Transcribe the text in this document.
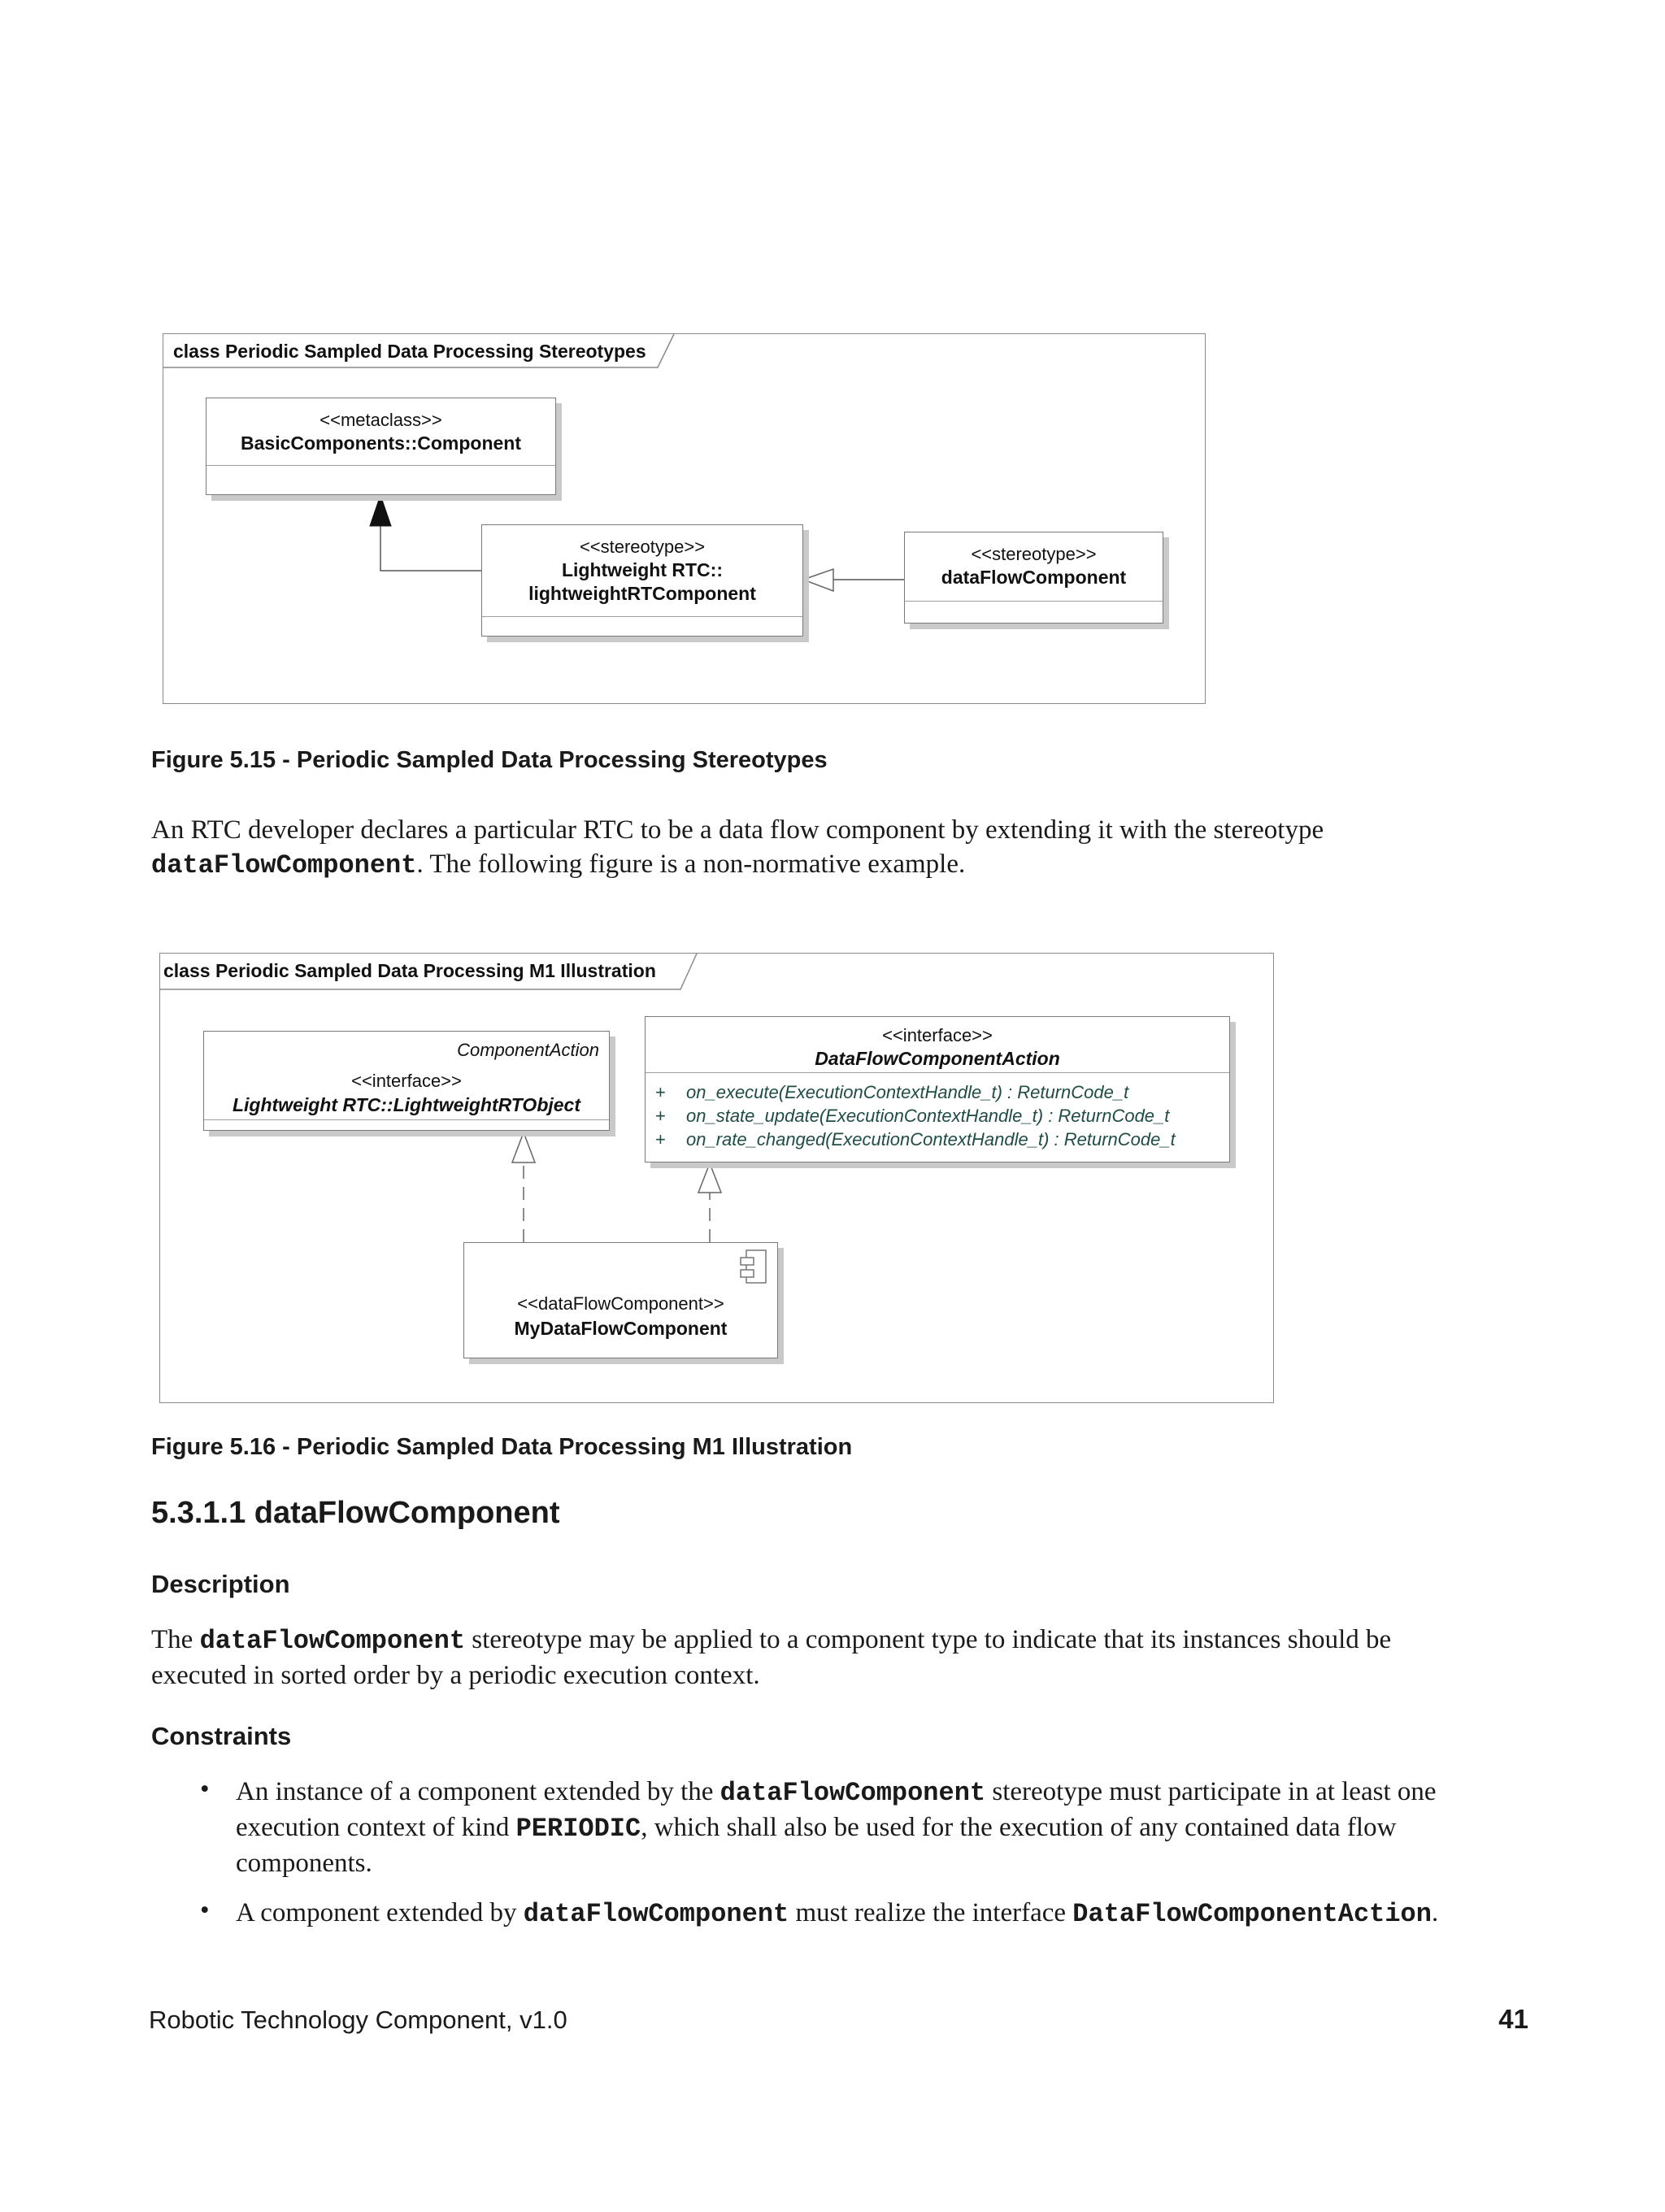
class Periodic Sampled Data Processing Stereotypes
<<metaclass>>
BasicComponents::Component
<<stereotype>>
Lightweight RTC::
lightweightRTComponent
<<stereotype>>
dataFlowComponent
Figure 5.15 - Periodic Sampled Data Processing Stereotypes
An RTC developer declares a particular RTC to be a data flow component by extending it with the stereotype
dataFlowComponent. The following figure is a non-normative example.
class Periodic Sampled Data Processing M1 Illustration
ComponentAction
<<interface>>
Lightweight RTC::LightweightRTObject
<<interface>>
DataFlowComponentAction
+ on_execute(ExecutionContextHandle_t) : ReturnCode_t
+ on_state_update(ExecutionContextHandle_t) : ReturnCode_t
+ on_rate_changed(ExecutionContextHandle_t) : ReturnCode_t
<<dataFlowComponent>>
MyDataFlowComponent
Figure 5.16 - Periodic Sampled Data Processing M1 Illustration
5.3.1.1 dataFlowComponent
Description
The dataFlowComponent stereotype may be applied to a component type to indicate that its instances should be
executed in sorted order by a periodic execution context.
Constraints
• An instance of a component extended by the dataFlowComponent stereotype must participate in at least one
execution context of kind PERIODIC, which shall also be used for the execution of any contained data flow
components.
• A component extended by dataFlowComponent must realize the interface DataFlowComponentAction.
Robotic Technology Component, v1.0	41
